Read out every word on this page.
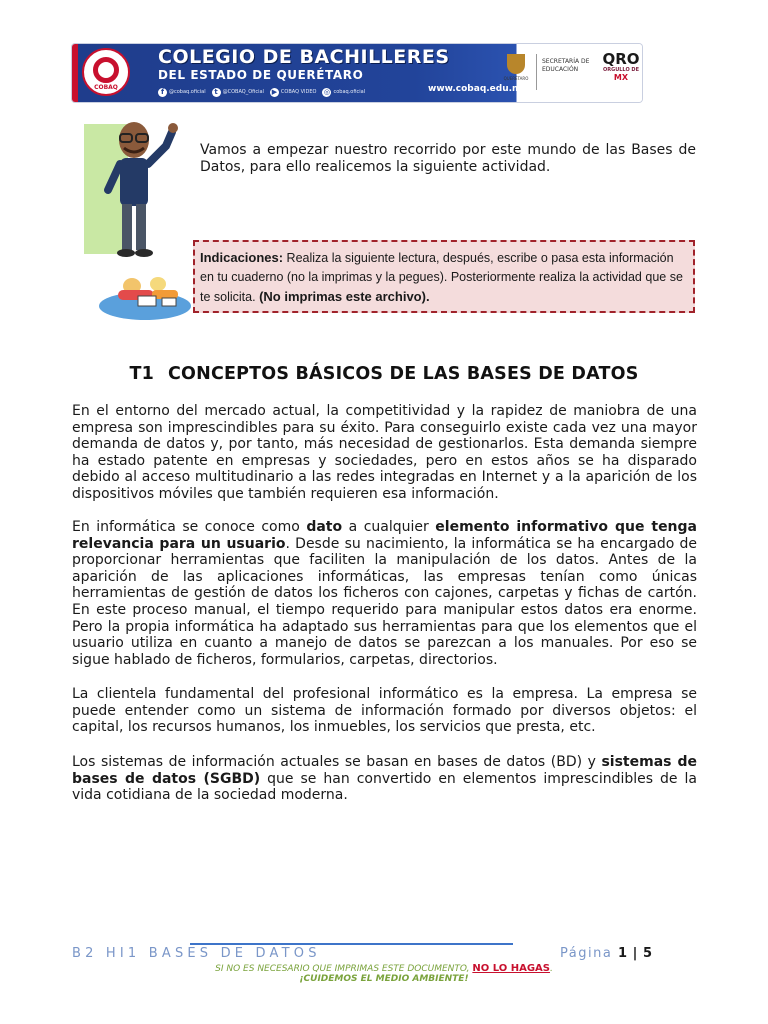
COBAQ
COLEGIO DE BACHILLERES
DEL ESTADO DE QUERÉTARO
f @cobaq.oficial	t @COBAQ_Oficial ▶ COBAQ VIDEO ◎ cobaq.oficial	www.cobaq.edu.mx
QUERÉTARO
SECRETARÍA DE EDUCACIÓN
QRO
ORGULLO DE
MX
Vamos a empezar nuestro recorrido por este mundo de las Bases de Datos, para ello realicemos la siguiente actividad.
Indicaciones: Realiza la siguiente lectura, después, escribe o pasa esta información en tu cuaderno (no la imprimas y la pegues). Posteriormente realiza la actividad que se te solicita. (No imprimas este archivo).
T1 CONCEPTOS BÁSICOS DE LAS BASES DE DATOS
En el entorno del mercado actual, la competitividad y la rapidez de maniobra de una empresa son imprescindibles para su éxito. Para conseguirlo existe cada vez una mayor demanda de datos y, por tanto, más necesidad de gestionarlos. Esta demanda siempre ha estado patente en empresas y sociedades, pero en estos años se ha disparado debido al acceso multitudinario a las redes integradas en Internet y a la aparición de los dispositivos móviles que también requieren esa información.
En informática se conoce como dato a cualquier elemento informativo que tenga relevancia para un usuario. Desde su nacimiento, la informática se ha encargado de proporcionar herramientas que faciliten la manipulación de los datos. Antes de la aparición de las aplicaciones informáticas, las empresas tenían como únicas herramientas de gestión de datos los ficheros con cajones, carpetas y fichas de cartón. En este proceso manual, el tiempo requerido para manipular estos datos era enorme. Pero la propia informática ha adaptado sus herramientas para que los elementos que el usuario utiliza en cuanto a manejo de datos se parezcan a los manuales. Por eso se sigue hablado de ficheros, formularios, carpetas, directorios.
La clientela fundamental del profesional informático es la empresa. La empresa se puede entender como un sistema de información formado por diversos objetos: el capital, los recursos humanos, los inmuebles, los servicios que presta, etc.
Los sistemas de información actuales se basan en bases de datos (BD) y sistemas de bases de datos (SGBD) que se han convertido en elementos imprescindibles de la vida cotidiana de la sociedad moderna.
B2 HI1 BASES DE DATOS	Página 1 | 5
SI NO ES NECESARIO QUE IMPRIMAS ESTE DOCUMENTO, NO LO HAGAS.
¡CUIDEMOS EL MEDIO AMBIENTE!
